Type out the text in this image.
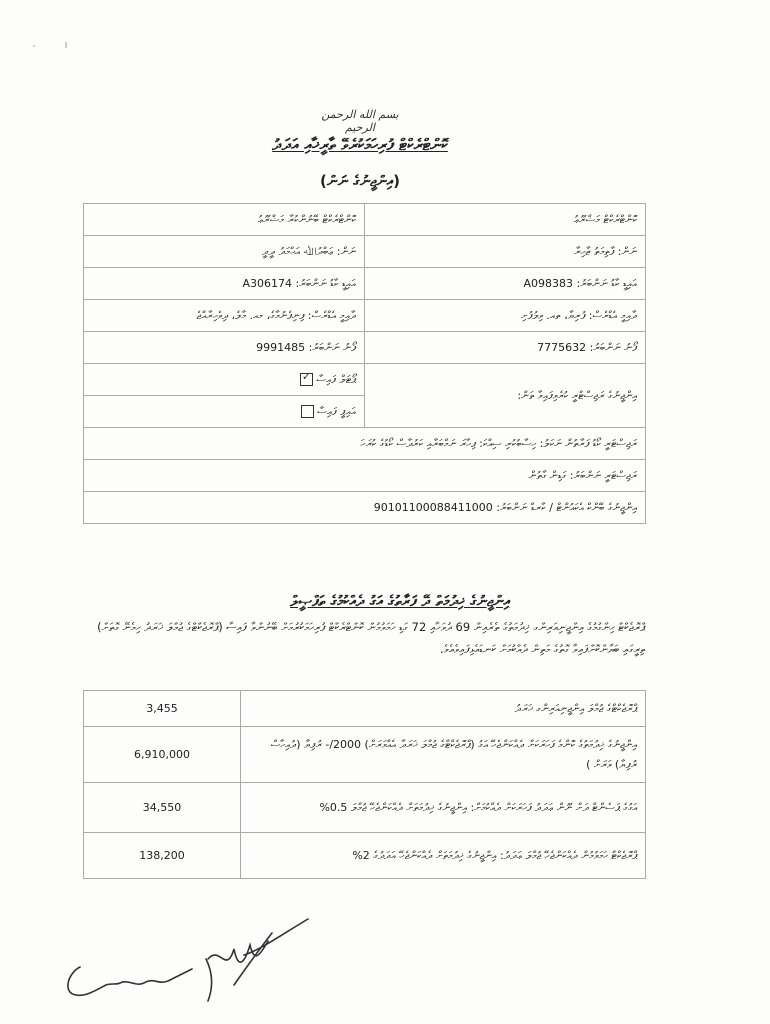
بسم الله الرحمن الرحيم
ކޮންޓްރެކްޓް ފުރިހަމަކުރެވޭ ތާރީޚާއި އަދަދު
(އިންޖީނުގެ ނަން)
ކޮންޓްރެކްޓް ބޭނުންކުރާ މަޝްރޫޢު	ކޮންޓްރެކްޓް މަޝްރޫޢު
ނަން: ޢަބްދުﷲ އަޙްމަދު ދީދީ	ނަން: ފާތިމަތު ޒާހިރާ
އައިޑީ ކާޑު ނަންބަރު: A306174	އައިޑީ ކާޑު ނަންބަރު: A098383
ދާއިމީ އެޑްރެސް: ފިނިފެނުމާގެ، މއ. މާލެ، ދިވެހިރާއްޖެ	ދާއިމީ އެޑްރެސް: ފުރިޔާ، ތއ. ވިލުފުށި
ފޯނު ނަންބަރު: 9991485	ފޯނު ނަންބަރު: 7775632
ޕޯޓަލް ފައިސާ ✓	އިންޖީނުގެ ރަޖިސްޓްރީ ކުރެވިފައިވާ ތަން:
އައިޕީ ފައިސާ	
ރަޖިސްޓަރީ ކޯޑު ފަރާތުން ނަކަލު: ހިސާބުކުރި ސިއްކަ: ފިހާރަ ނަމްބަރާއި ކަރުދާސް ކޯޑުގެ ކުރަހަ	
ރަޖިސްޓަރީ ނަންބަރު: ގަޑިން ގާތުން	
އިންޖީނުގެ ބޭންކް އެކައުންޓް / ކާރޑް ނަންބަރު: 90101100088411000	
އިންޖީނުގެ ޚިދުމަތް ދޭ ފަރާތުގެ އަގު ދެއްކުމުގެ ތަފްޞީލް
ޕްރޮޖެކްޓް ހިންގުމުގެ އިންޖީނިއަރިންގ ޚިދުމަތުގެ ތެރެއިން 69 ދުވަހާއި 72 ގަޑި ހަމަވުމުން ކޮންޓްރެކްޓް ފުރިހަމަކުރުމަށް ބޭނުންވާ ފައިސާ (ޕްރޮޖެކްޓްގެ ޖުމްލަ ޚަރަދު ހިމެނޭ ގޮތަށް) ތިރީގައި ބަޔާންކޮށްފައިވާ ގޮތުގެ މަތިން ދެއްކުމަށް ކަނޑައެޅިފައިވެއެވެ.
3,455	ޕްރޮޖެކްޓްގެ ޖުމްލަ އިންޖީނިއަރިންގ ޚަރަދު
6,910,000	އިންޖީނުގެ ޚިދުމަތުގެ ކޮންމެ ފަހަރަކަށް ދެއްކަންޖެހޭ އަގު (ޕްރޮޖެކްޓްގެ ޖުމްލަ ޚަރަދާ އެއްވަރަށް) 2000/- ރުފިޔާ (ދުއިހާސް ރުފިޔާ) ވަރަށް )
34,550	އަގުގެ ޕަސެންޓް ދަށް ނޫން ޢަދަދު ފަހަރަކަށް ދެއްކުމަށް: އިންޖީނުގެ ޚިދުމަތަށް ދެއްކަންޖެހޭ ޖުމްލަ 0.5%
138,200	ޕްރޮޖެކްޓް ހަމަވުމުން ދެއްކަންޖެހޭ ޖުމްލަ ޢަދަދު: އިންޖީނުގެ ޚިދުމަތަށް ދެއްކަންޖެހޭ އަދަދުގެ 2%
